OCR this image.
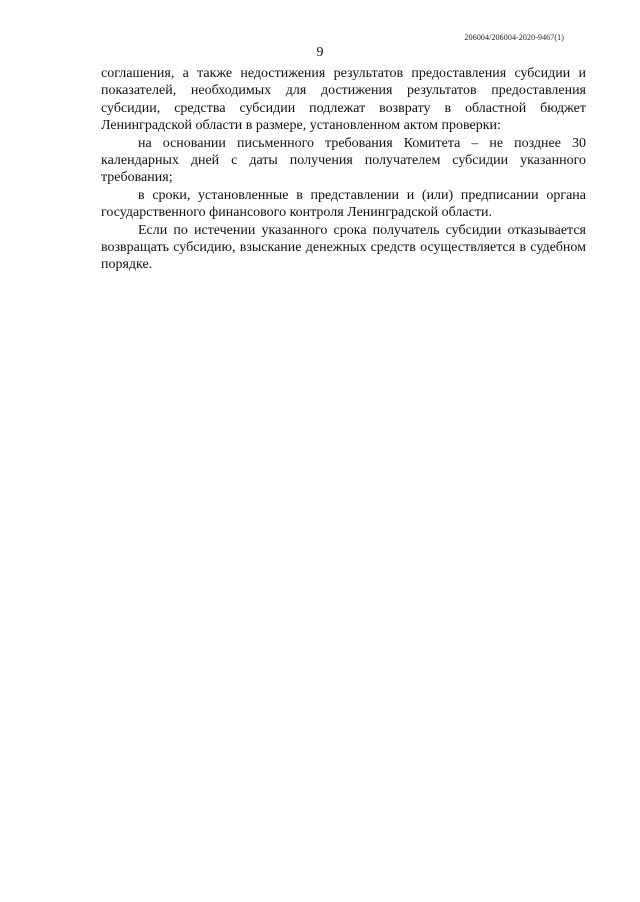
206004/206004-2020-9467(1)
9

соглашения, а также недостижения результатов предоставления субсидии и показателей, необходимых для достижения результатов предоставления субсидии, средства субсидии подлежат возврату в областной бюджет Ленинградской области в размере, установленном актом проверки:

на основании письменного требования Комитета – не позднее 30 календарных дней с даты получения получателем субсидии указанного требования;

в сроки, установленные в представлении и (или) предписании органа государственного финансового контроля Ленинградской области.

Если по истечении указанного срока получатель субсидии отказывается возвращать субсидию, взыскание денежных средств осуществляется в судебном порядке.
